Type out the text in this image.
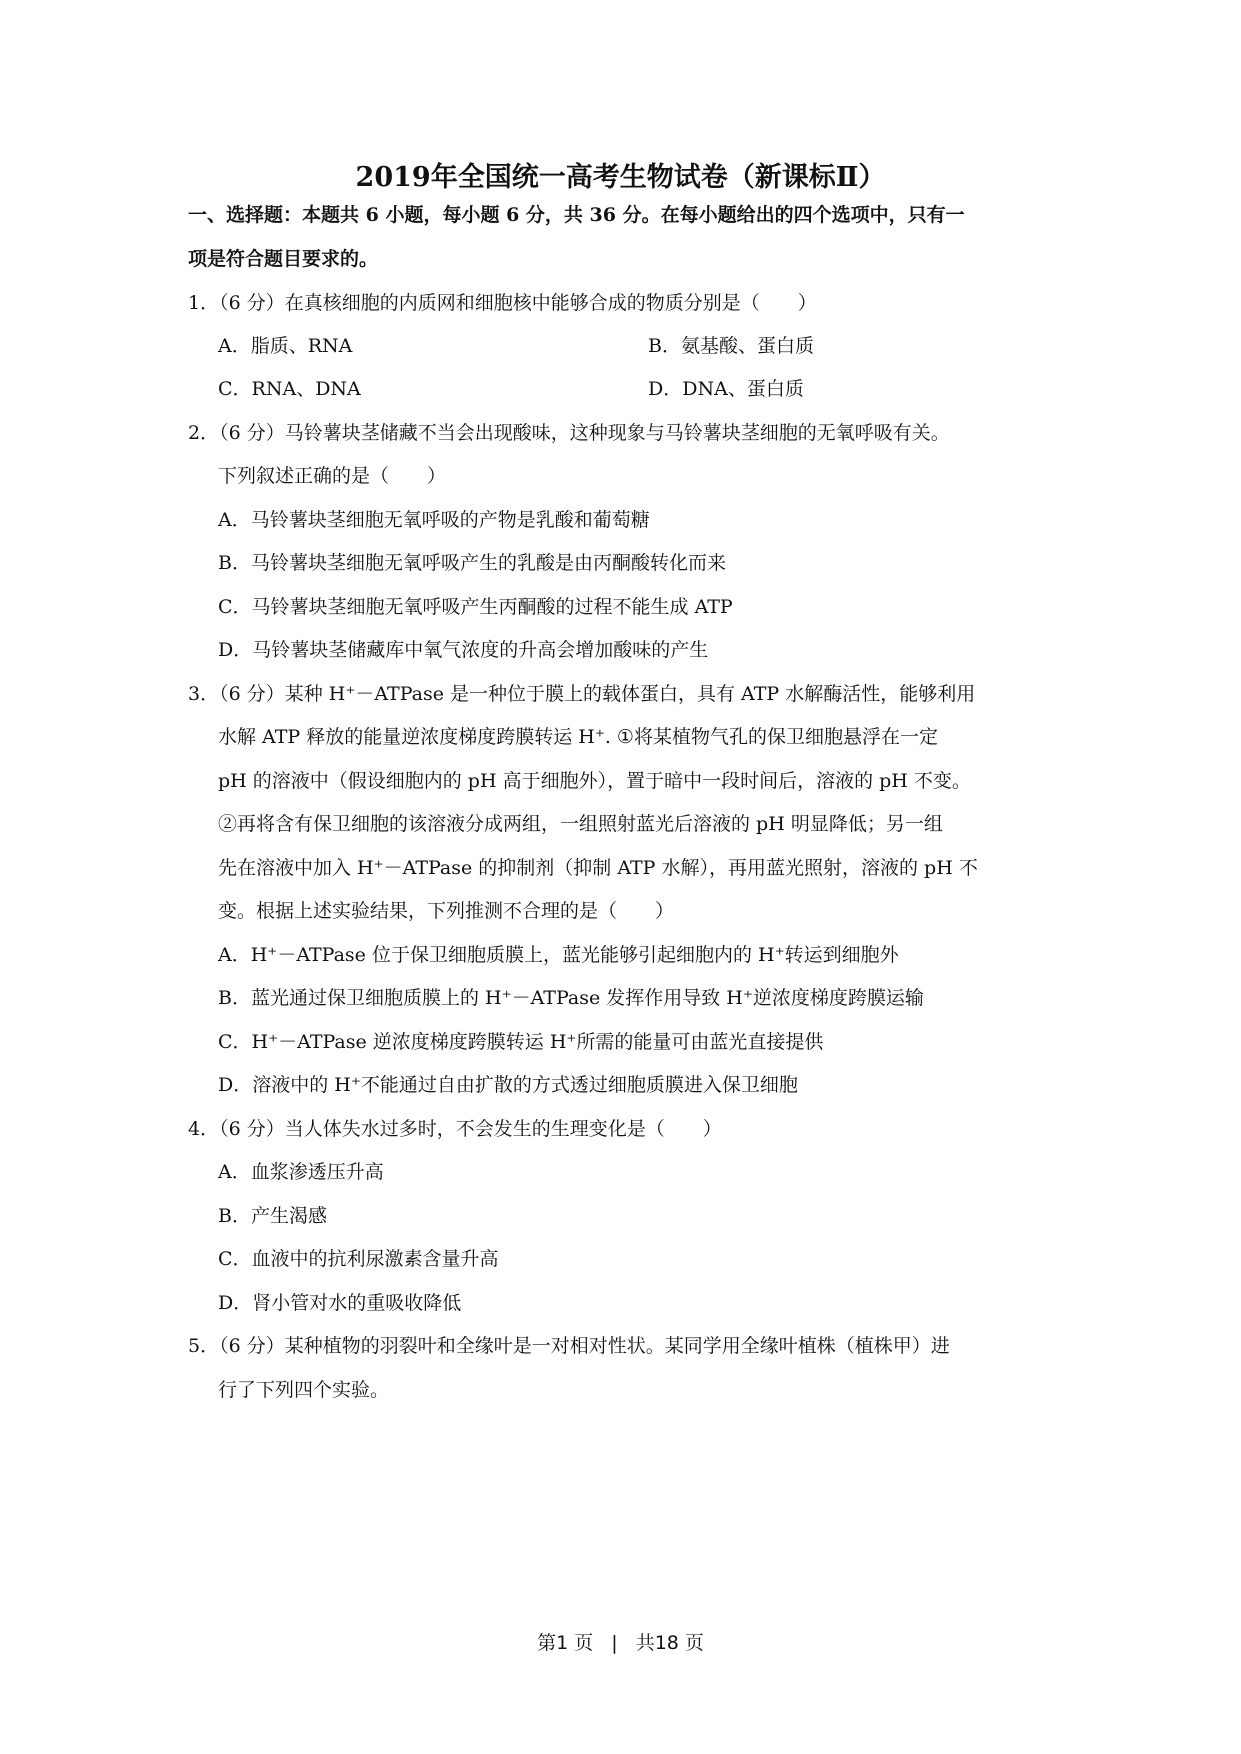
2019年全国统一高考生物试卷（新课标Ⅱ）
一、选择题：本题共 6 小题，每小题 6 分，共 36 分。在每小题给出的四个选项中，只有一
项是符合题目要求的。
1．（6 分）在真核细胞的内质网和细胞核中能够合成的物质分别是（　　）
A．脂质、RNA	B．氨基酸、蛋白质
C．RNA、DNA	D．DNA、蛋白质
2．（6 分）马铃薯块茎储藏不当会出现酸味，这种现象与马铃薯块茎细胞的无氧呼吸有关。
下列叙述正确的是（　　）
A．马铃薯块茎细胞无氧呼吸的产物是乳酸和葡萄糖
B．马铃薯块茎细胞无氧呼吸产生的乳酸是由丙酮酸转化而来
C．马铃薯块茎细胞无氧呼吸产生丙酮酸的过程不能生成 ATP
D．马铃薯块茎储藏库中氧气浓度的升高会增加酸味的产生
3．（6 分）某种 H⁺－ATPase 是一种位于膜上的载体蛋白，具有 ATP 水解酶活性，能够利用
水解 ATP 释放的能量逆浓度梯度跨膜转运 H⁺. ①将某植物气孔的保卫细胞悬浮在一定
pH 的溶液中（假设细胞内的 pH 高于细胞外），置于暗中一段时间后，溶液的 pH 不变。
②再将含有保卫细胞的该溶液分成两组，一组照射蓝光后溶液的 pH 明显降低；另一组
先在溶液中加入 H⁺－ATPase 的抑制剂（抑制 ATP 水解），再用蓝光照射，溶液的 pH 不
变。根据上述实验结果，下列推测不合理的是（　　）
A．H⁺－ATPase 位于保卫细胞质膜上，蓝光能够引起细胞内的 H⁺转运到细胞外
B．蓝光通过保卫细胞质膜上的 H⁺－ATPase 发挥作用导致 H⁺逆浓度梯度跨膜运输
C．H⁺－ATPase 逆浓度梯度跨膜转运 H⁺所需的能量可由蓝光直接提供
D．溶液中的 H⁺不能通过自由扩散的方式透过细胞质膜进入保卫细胞
4．（6 分）当人体失水过多时，不会发生的生理变化是（　　）
A．血浆渗透压升高
B．产生渴感
C．血液中的抗利尿激素含量升高
D．肾小管对水的重吸收降低
5．（6 分）某种植物的羽裂叶和全缘叶是一对相对性状。某同学用全缘叶植株（植株甲）进
行了下列四个实验。
第1 页 | 共18 页
